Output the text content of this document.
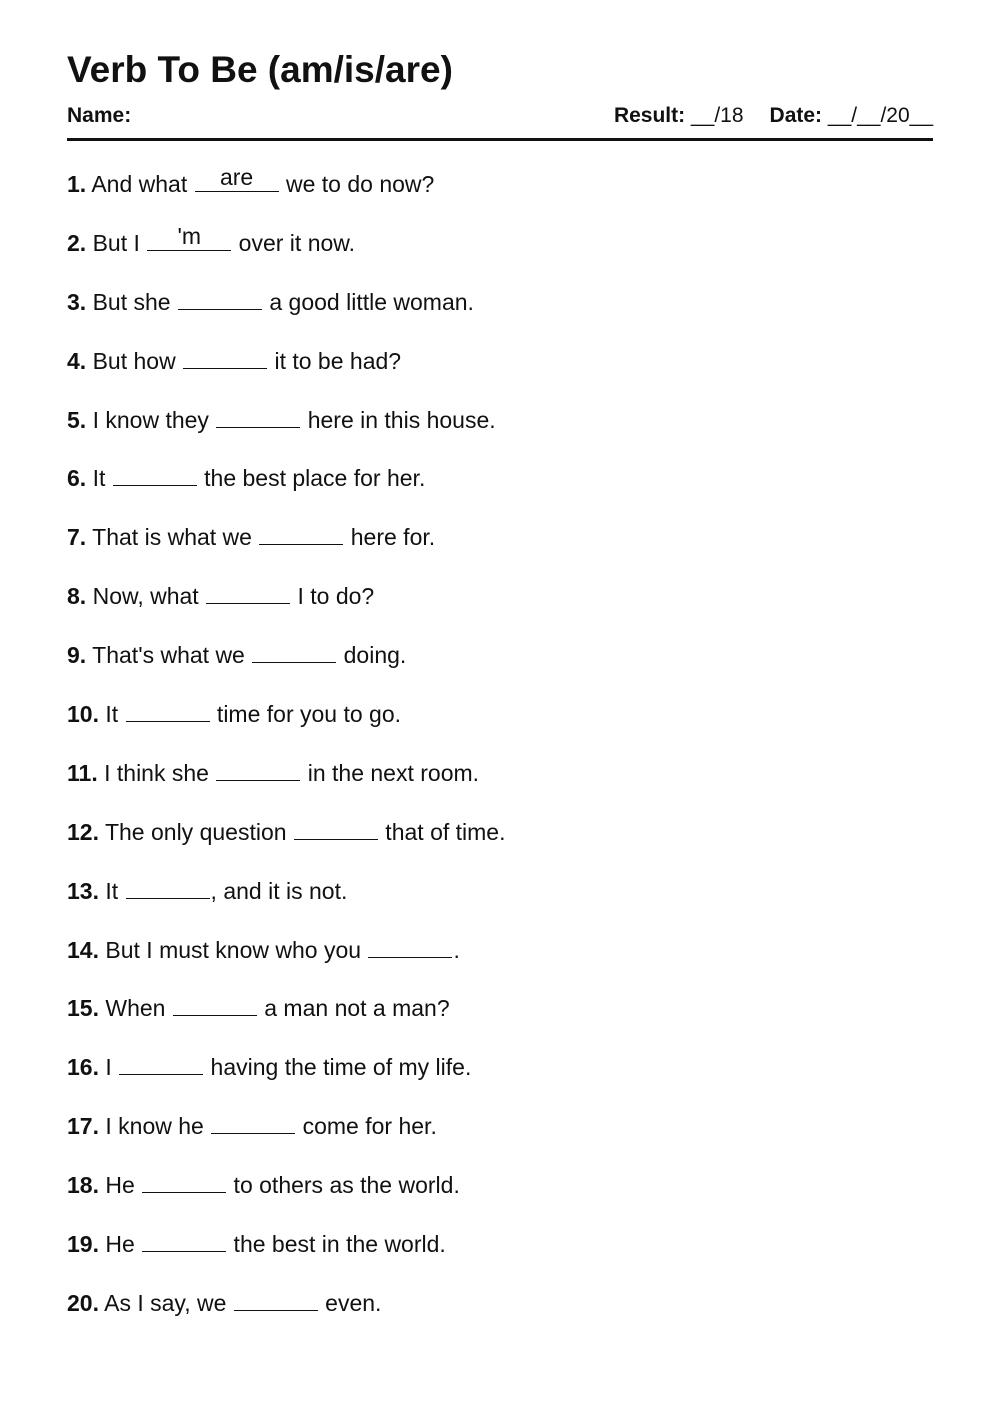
Verb To Be (am/is/are)
Name:	Result: __/18 Date: __/__/20__
1. And what	are	we to do now?
2. But I	'm	over it now.
3. But she	a good little woman.
4. But how	it to be had?
5. I know they	here in this house.
6. It	the best place for her.
7. That is what we	here for.
8. Now, what	I to do?
9. That's what we	doing.
10. It	time for you to go.
11. I think she	in the next room.
12. The only question	that of time.
13. It	, and it is not.
14. But I must know who you	.
15. When	a man not a man?
16. I	having the time of my life.
17. I know he	come for her.
18. He	to others as the world.
19. He	the best in the world.
20. As I say, we	even.
